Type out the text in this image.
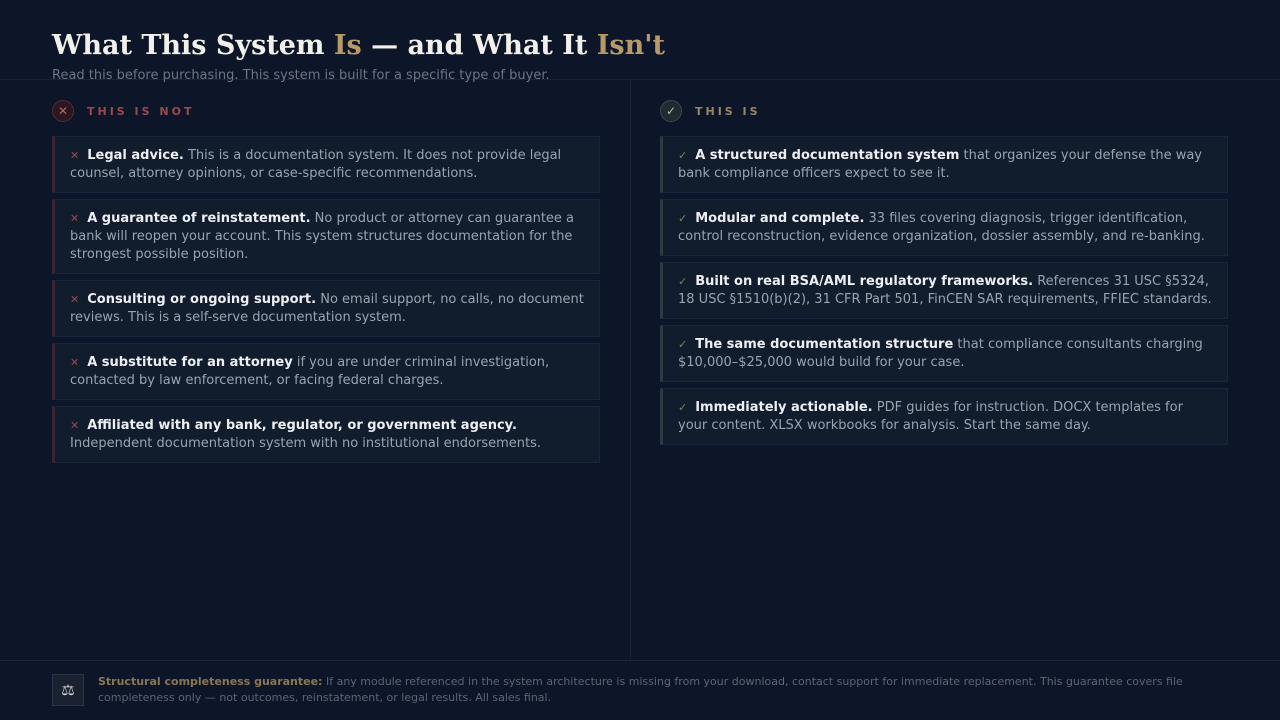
What This System Is — and What It Isn't
Read this before purchasing. This system is built for a specific type of buyer.
✕	THIS IS NOT
✕ Legal advice. This is a documentation system. It does not provide legal counsel, attorney opinions, or case-specific recommendations.
✕ A guarantee of reinstatement. No product or attorney can guarantee a bank will reopen your account. This system structures documentation for the strongest possible position.
✕ Consulting or ongoing support. No email support, no calls, no document reviews. This is a self-serve documentation system.
✕ A substitute for an attorney if you are under criminal investigation, contacted by law enforcement, or facing federal charges.
✕ Affiliated with any bank, regulator, or government agency. Independent documentation system with no institutional endorsements.
✓	THIS IS
✓ A structured documentation system that organizes your defense the way bank compliance officers expect to see it.
✓ Modular and complete. 33 files covering diagnosis, trigger identification, control reconstruction, evidence organization, dossier assembly, and re-banking.
✓ Built on real BSA/AML regulatory frameworks. References 31 USC §5324, 18 USC §1510(b)(2), 31 CFR Part 501, FinCEN SAR requirements, FFIEC standards.
✓ The same documentation structure that compliance consultants charging $10,000–$25,000 would build for your case.
✓ Immediately actionable. PDF guides for instruction. DOCX templates for your content. XLSX workbooks for analysis. Start the same day.
⚖	Structural completeness guarantee: If any module referenced in the system architecture is missing from your download, contact support for immediate replacement. This guarantee covers file completeness only — not outcomes, reinstatement, or legal results. All sales final.
